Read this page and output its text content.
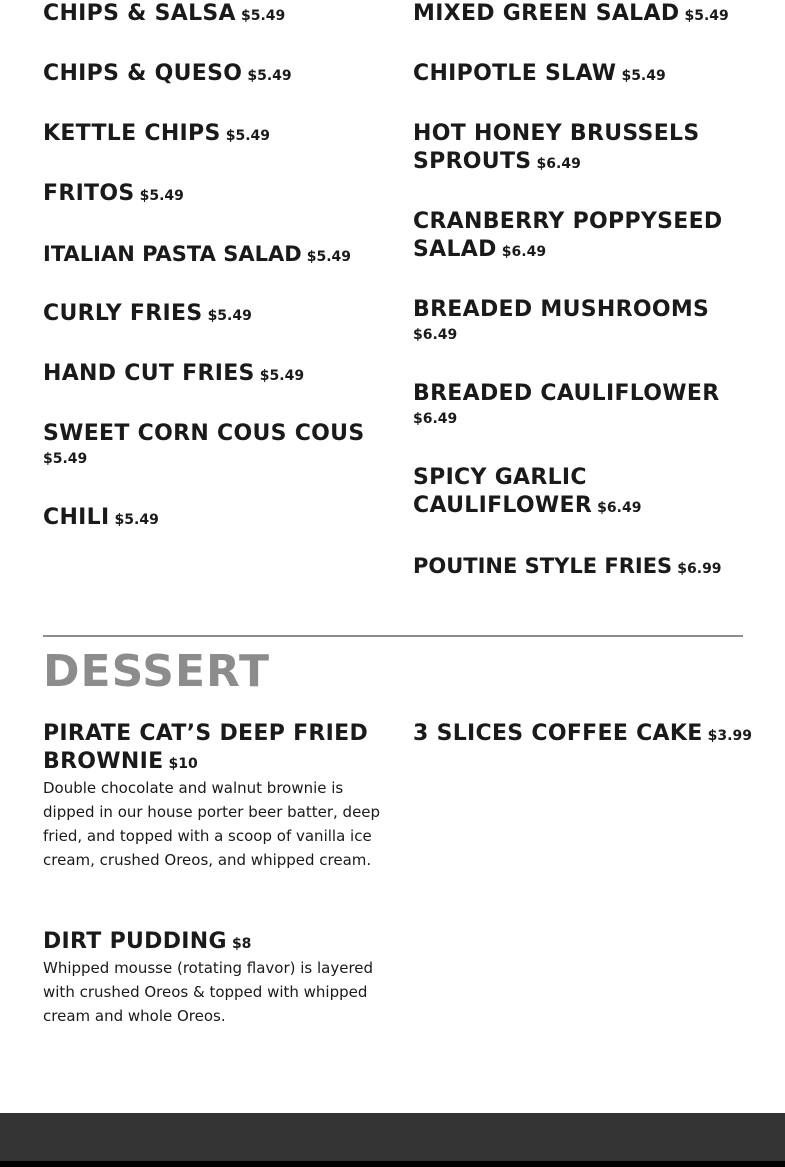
CHIPS & SALSA $5.49
CHIPS & QUESO $5.49
KETTLE CHIPS $5.49
FRITOS $5.49
ITALIAN PASTA SALAD $5.49
CURLY FRIES $5.49
HAND CUT FRIES $5.49
SWEET CORN COUS COUS $5.49
CHILI $5.49
MIXED GREEN SALAD $5.49
CHIPOTLE SLAW $5.49
HOT HONEY BRUSSELS SPROUTS $6.49
CRANBERRY POPPYSEED SALAD $6.49
BREADED MUSHROOMS $6.49
BREADED CAULIFLOWER $6.49
SPICY GARLIC CAULIFLOWER $6.49
POUTINE STYLE FRIES $6.99
DESSERT
PIRATE CAT’S DEEP FRIED BROWNIE $10
Double chocolate and walnut brownie is dipped in our house porter beer batter, deep fried, and topped with a scoop of vanilla ice cream, crushed Oreos, and whipped cream.
DIRT PUDDING $8
Whipped mousse (rotating flavor) is layered with crushed Oreos & topped with whipped cream and whole Oreos.
3 SLICES COFFEE CAKE $3.99
